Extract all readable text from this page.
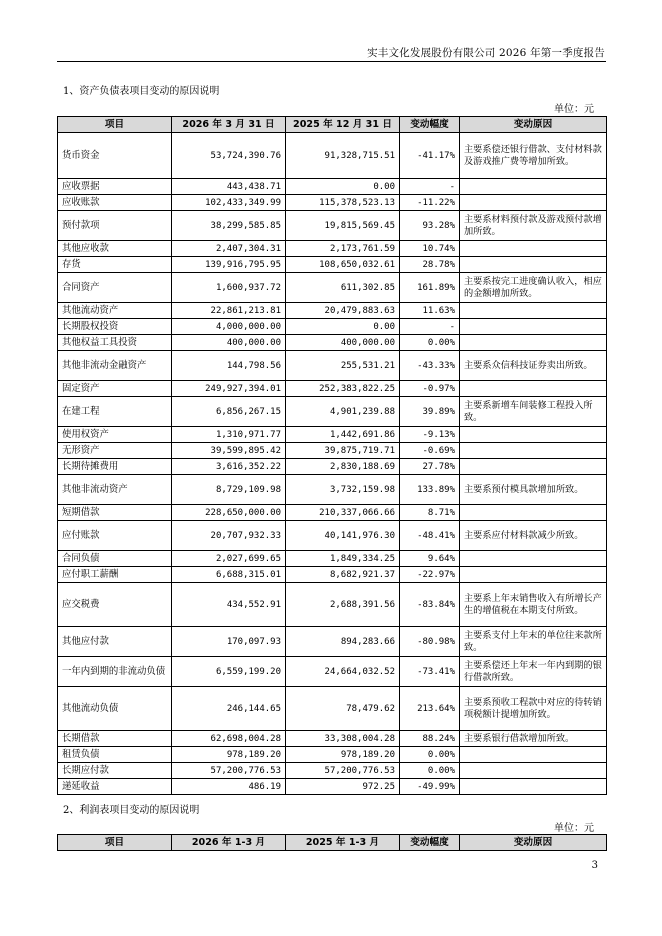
实丰文化发展股份有限公司 2026 年第一季度报告
1、资产负债表项目变动的原因说明
单位：元
项目	2026 年 3 月 31 日	2025 年 12 月 31 日	变动幅度	变动原因
货币资金	53,724,390.76	91,328,715.51	-41.17%	主要系偿还银行借款、支付材料款及游戏推广费等增加所致。
应收票据	443,438.71	0.00	-	
应收账款	102,433,349.99	115,378,523.13	-11.22%	
预付款项	38,299,585.85	19,815,569.45	93.28%	主要系材料预付款及游戏预付款增加所致。
其他应收款	2,407,304.31	2,173,761.59	10.74%	
存货	139,916,795.95	108,650,032.61	28.78%	
合同资产	1,600,937.72	611,302.85	161.89%	主要系按完工进度确认收入，相应的金额增加所致。
其他流动资产	22,861,213.81	20,479,883.63	11.63%	
长期股权投资	4,000,000.00	0.00	-	
其他权益工具投资	400,000.00	400,000.00	0.00%	
其他非流动金融资产	144,798.56	255,531.21	-43.33%	主要系众信科技证券卖出所致。
固定资产	249,927,394.01	252,383,822.25	-0.97%	
在建工程	6,856,267.15	4,901,239.88	39.89%	主要系新增车间装修工程投入所致。
使用权资产	1,310,971.77	1,442,691.86	-9.13%	
无形资产	39,599,895.42	39,875,719.71	-0.69%	
长期待摊费用	3,616,352.22	2,830,188.69	27.78%	
其他非流动资产	8,729,109.98	3,732,159.98	133.89%	主要系预付模具款增加所致。
短期借款	228,650,000.00	210,337,066.66	8.71%	
应付账款	20,707,932.33	40,141,976.30	-48.41%	主要系应付材料款减少所致。
合同负债	2,027,699.65	1,849,334.25	9.64%	
应付职工薪酬	6,688,315.01	8,682,921.37	-22.97%	
应交税费	434,552.91	2,688,391.56	-83.84%	主要系上年末销售收入有所增长产生的增值税在本期支付所致。
其他应付款	170,097.93	894,283.66	-80.98%	主要系支付上年末的单位往来款所致。
一年内到期的非流动负债	6,559,199.20	24,664,032.52	-73.41%	主要系偿还上年末一年内到期的银行借款所致。
其他流动负债	246,144.65	78,479.62	213.64%	主要系预收工程款中对应的待转销项税额计提增加所致。
长期借款	62,698,004.28	33,308,004.28	88.24%	主要系银行借款增加所致。
租赁负债	978,189.20	978,189.20	0.00%	
长期应付款	57,200,776.53	57,200,776.53	0.00%	
递延收益	486.19	972.25	-49.99%	
2、利润表项目变动的原因说明
单位：元
项目	2026 年 1-3 月	2025 年 1-3 月	变动幅度	变动原因
3
